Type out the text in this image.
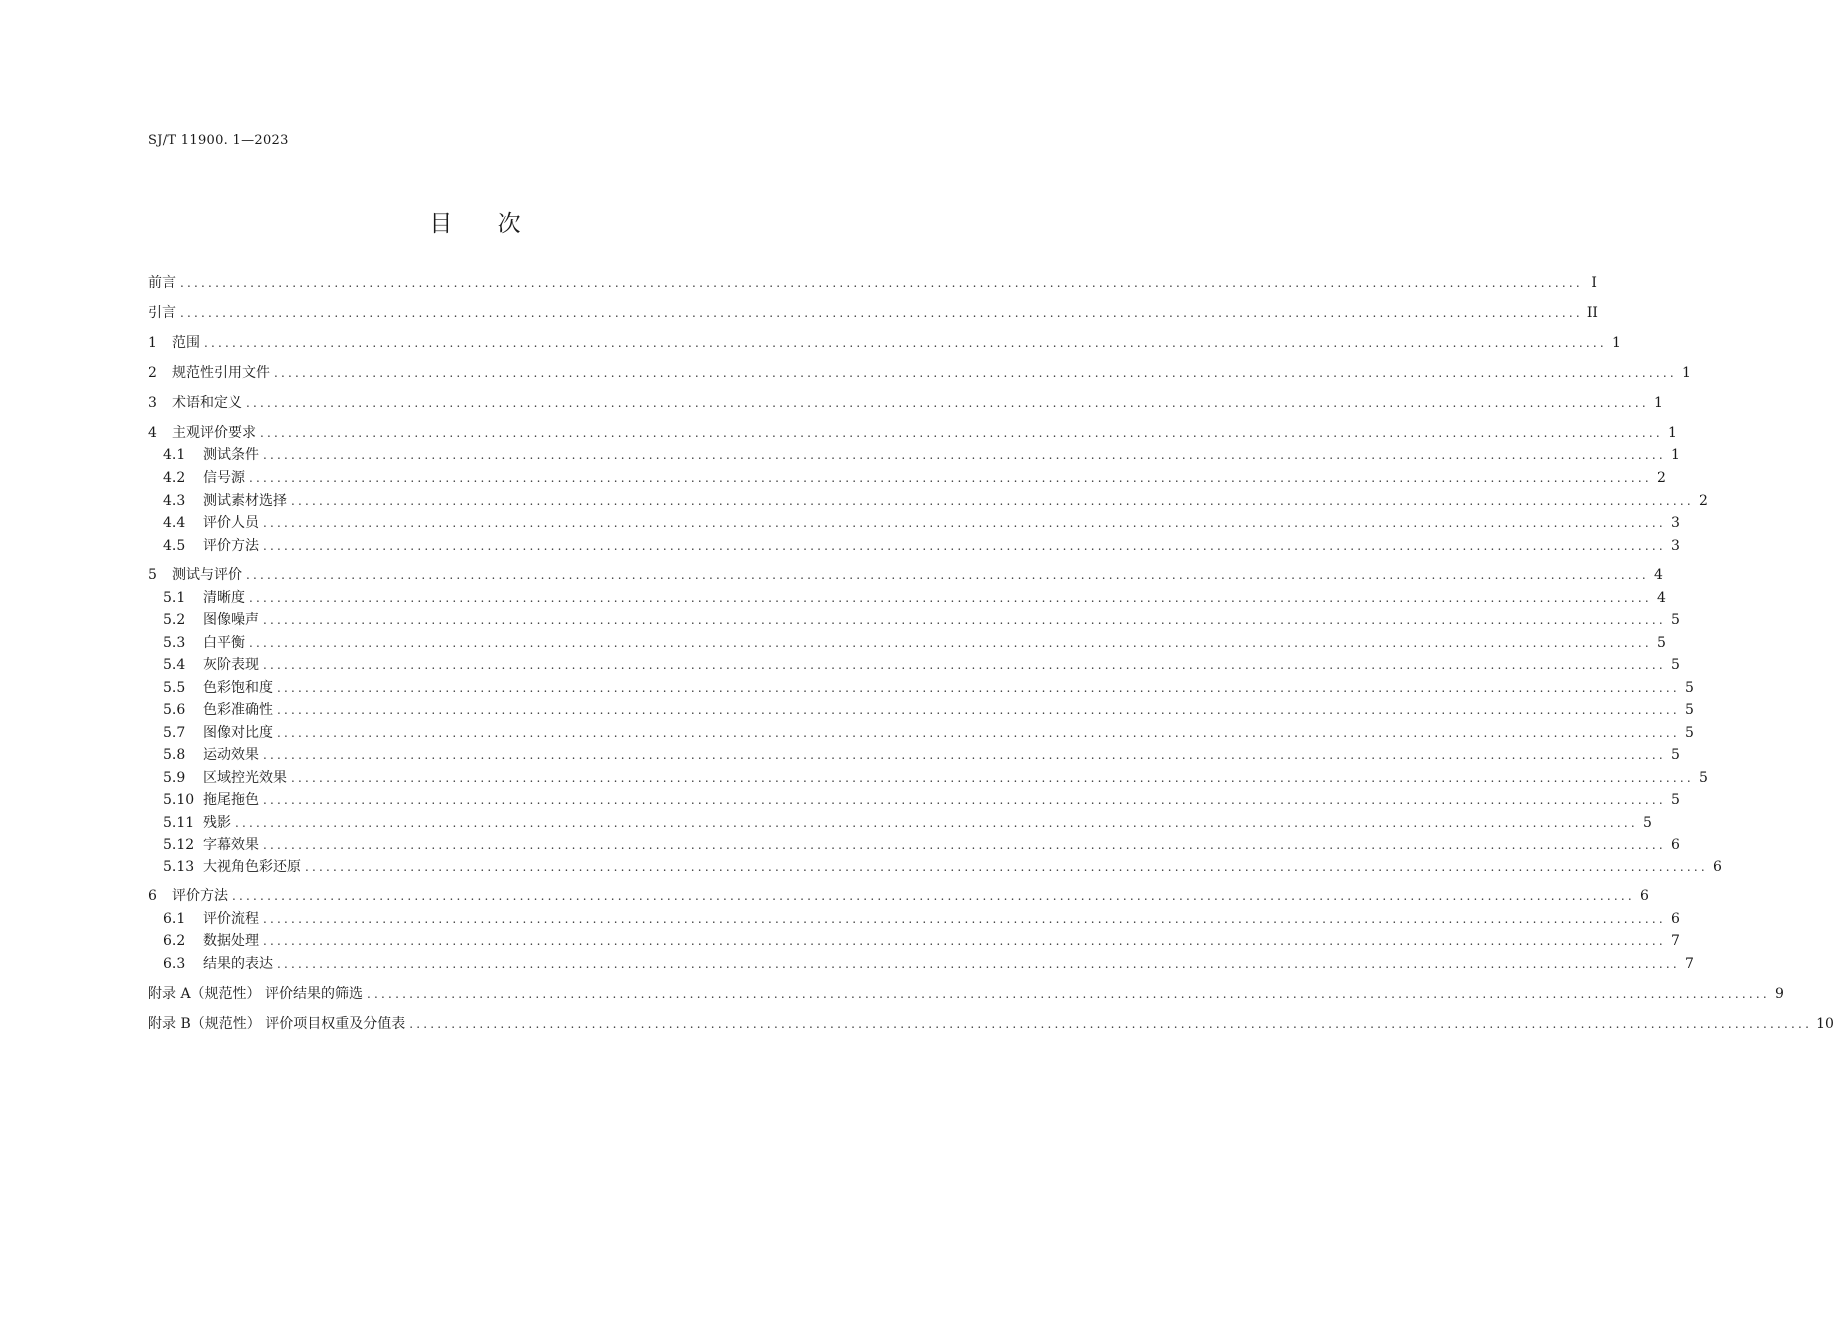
SJ/T 11900. 1—2023
目 次
前言 ........................................................................................................................................................................................................ I
引言 ........................................................................................................................................................................................................ II
1	范围 ........................................................................................................................................................................................................ 1
2	规范性引用文件 ........................................................................................................................................................................................................ 1
3	术语和定义 ........................................................................................................................................................................................................ 1
4	主观评价要求 ........................................................................................................................................................................................................ 1
4.1	测试条件 ........................................................................................................................................................................................................ 1
4.2	信号源 ........................................................................................................................................................................................................ 2
4.3	测试素材选择 ........................................................................................................................................................................................................ 2
4.4	评价人员 ........................................................................................................................................................................................................ 3
4.5	评价方法 ........................................................................................................................................................................................................ 3
5	测试与评价 ........................................................................................................................................................................................................ 4
5.1	清晰度 ........................................................................................................................................................................................................ 4
5.2	图像噪声 ........................................................................................................................................................................................................ 5
5.3	白平衡 ........................................................................................................................................................................................................ 5
5.4	灰阶表现 ........................................................................................................................................................................................................ 5
5.5	色彩饱和度 ........................................................................................................................................................................................................ 5
5.6	色彩准确性 ........................................................................................................................................................................................................ 5
5.7	图像对比度 ........................................................................................................................................................................................................ 5
5.8	运动效果 ........................................................................................................................................................................................................ 5
5.9	区域控光效果 ........................................................................................................................................................................................................ 5
5.10 拖尾拖色 ........................................................................................................................................................................................................ 5
5.11 残影 ........................................................................................................................................................................................................ 5
5.12 字幕效果 ........................................................................................................................................................................................................ 6
5.13 大视角色彩还原 ........................................................................................................................................................................................................ 6
6	评价方法 ........................................................................................................................................................................................................ 6
6.1	评价流程 ........................................................................................................................................................................................................ 6
6.2	数据处理 ........................................................................................................................................................................................................ 7
6.3	结果的表达 ........................................................................................................................................................................................................ 7
附录 A（规范性） 评价结果的筛选 ........................................................................................................................................................................................................ 9
附录 B（规范性） 评价项目权重及分值表 ........................................................................................................................................................................................................ 10
